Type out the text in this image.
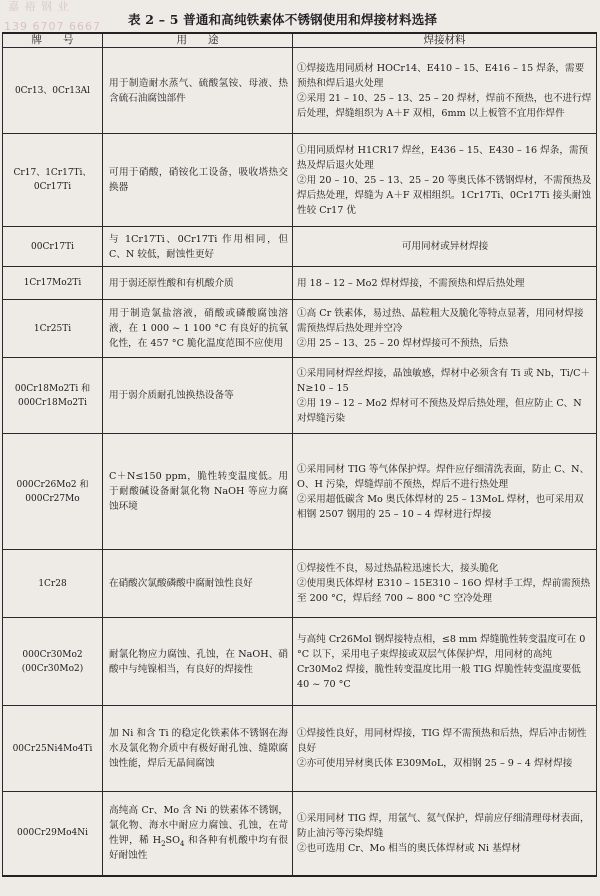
嘉 裕 钢 业
139 6707 6667 表 2 – 5 普通和高纯铁素体不锈钢使用和焊接材料选择
牌　　号	用　　途	焊接材料
0Cr13、0Cr13Al	用于制造耐水蒸气、硫酸氢铵、母液、热含硫石油腐蚀部件	①焊接选用同质材 HOCr14、E410 – 15、E416 – 15 焊条，需要预热和焊后退火处理
②采用 21 – 10、25 – 13、25 – 20 焊材，焊前不预热，也不进行焊后处理，焊缝组织为 A＋F 双相，6mm 以上板管不宜用作焊件

Cr17、1Cr17Ti、0Cr17Ti	可用于硝酸，硝铵化工设备，吸收塔热交换器	①用同质焊材 H1CR17 焊丝，E436 – 15、E430 – 16 焊条，需预热及焊后退火处理
②用 20 – 10、25 – 13、25 – 20 等奥氏体不锈钢焊材，不需预热及焊后热处理，焊缝为 A＋F 双相组织。1Cr17Ti、0Cr17Ti 接头耐蚀性较 Cr17 优

00Cr17Ti	与 1Cr17Ti、0Cr17Ti 作用相同，但 C、N 较低，耐蚀性更好	可用同材或异材焊接

1Cr17Mo2Ti	用于弱还原性酸和有机酸介质	用 18 – 12 – Mo2 焊材焊接，不需预热和焊后热处理

1Cr25Ti	用于制造氯盐溶液，硝酸或磷酸腐蚀溶液，在 1 000 ~ 1 100 °C 有良好的抗氧化性，在 457 °C 脆化温度范围不应使用	①高 Cr 铁素体，易过热、晶粒粗大及脆化等特点显著，用同材焊接需预热焊后热处理并空冷
②用 25 – 13、25 – 20 焊材焊接可不预热，后热

00Cr18Mo2Ti 和 000Cr18Mo2Ti	用于弱介质耐孔蚀换热设备等	①采用同材焊丝焊接，晶蚀敏感，焊材中必须含有 Ti 或 Nb，Ti/C＋N≥10 – 15
②用 19 – 12 – Mo2 焊材可不预热及焊后热处理，但应防止 C、N 对焊缝污染

000Cr26Mo2 和 000Cr27Mo	C＋N≤150 ppm，脆性转变温度低。用于耐酸碱设备耐氯化物 NaOH 等应力腐蚀环境	①采用同材 TIG 等气体保护焊。焊件应仔细清洗表面，防止 C、N、O、H 污染，焊缝焊前不预热，焊后不进行热处理
②采用超低碳含 Mo 奥氏体焊材的 25 – 13MoL 焊材，也可采用双相钢 2507 钢用的 25 – 10 – 4 焊材进行焊接

1Cr28	在硝酸次氯酸磷酸中腐耐蚀性良好	①焊接性不良，易过热晶粒迅速长大，接头脆化
②使用奥氏体焊材 E310 – 15E310 – 16O 焊材手工焊，焊前需预热至 200 °C，焊后经 700 ~ 800 °C 空冷处理

000Cr30Mo2 (00Cr30Mo2)	耐氯化物应力腐蚀、孔蚀，在 NaOH、硝酸中与纯镍相当，有良好的焊接性	与高纯 Cr26Mol 钢焊接特点相，≤8 mm 焊缝脆性转变温度可在 0 °C 以下，采用电子束焊接或双层气体保护焊，用同材的高纯 Cr30Mo2 焊接，脆性转变温度比用一般 TIG 焊脆性转变温度要低 40 ~ 70 °C

00Cr25Ni4Mo4Ti	加 Ni 和含 Ti 的稳定化铁素体不锈钢在海水及氯化物介质中有极好耐孔蚀、缝隙腐蚀性能，焊后无晶间腐蚀	①焊接性良好，用同材焊接，TIG 焊不需预热和后热，焊后冲击韧性良好
②亦可使用异材奥氏体 E309MoL，双相钢 25 – 9 – 4 焊材焊接

000Cr29Mo4Ni	高纯高 Cr、Mo 含 Ni 的铁素体不锈钢，氯化物、海水中耐应力腐蚀、孔蚀，在苛性钾，稀 $H_2SO_4$ 和各种有机酸中均有很好耐蚀性	①采用同材 TIG 焊，用氩气、氦气保护，焊前应仔细清理母材表面，防止油污等污染焊缝
②也可选用 Cr、Mo 相当的奥氏体焊材或 Ni 基焊材
